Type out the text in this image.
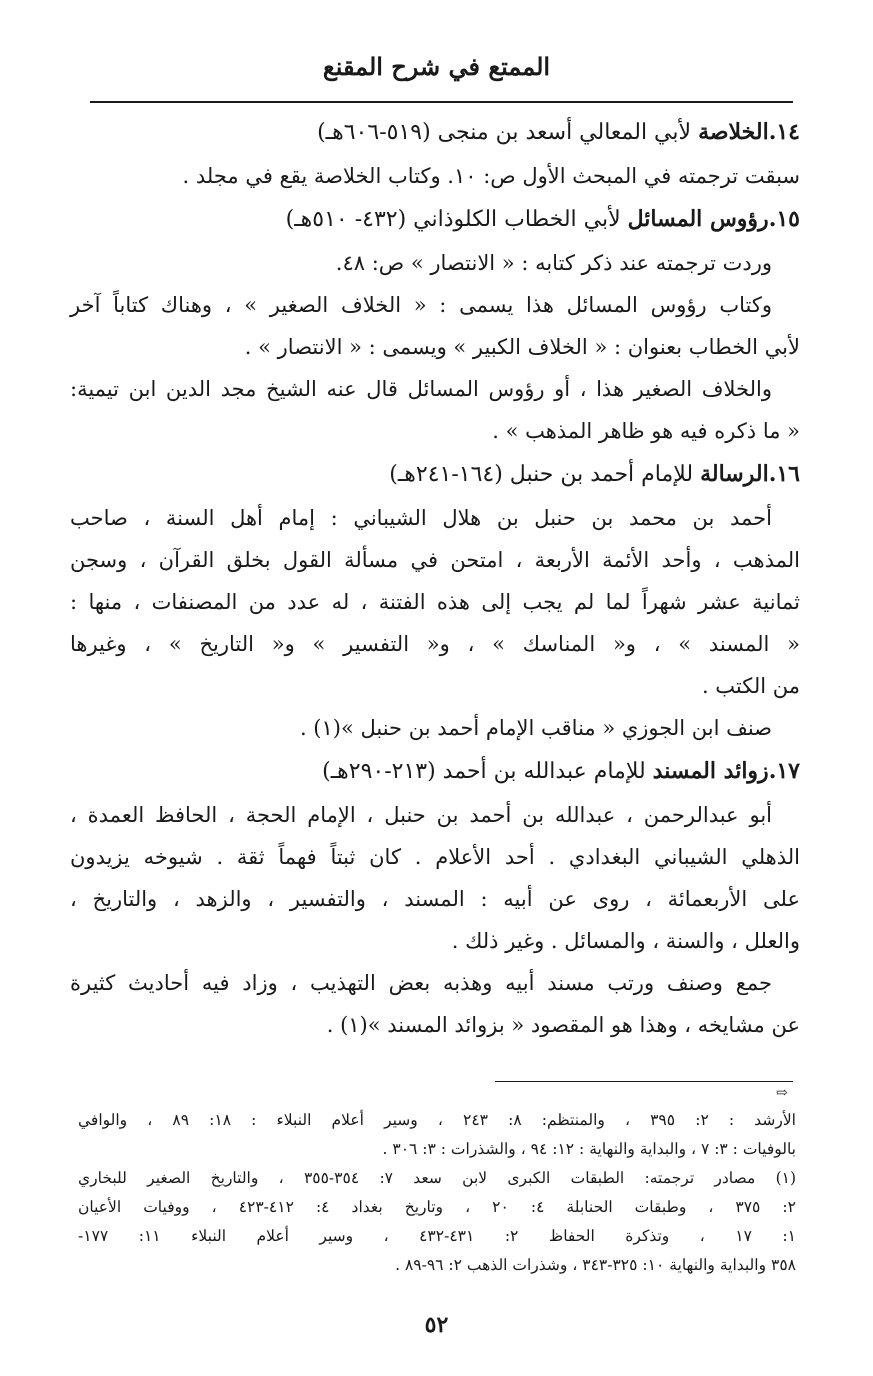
الممتع في شرح المقنع
١٤.الخلاصة لأبي المعالي أسعد بن منجى (٥١٩-٦٠٦هـ)
سبقت ترجمته في المبحث الأول ص: ١٠. وكتاب الخلاصة يقع في مجلد .
١٥.رؤوس المسائل لأبي الخطاب الكلوذاني (٤٣٢- ٥١٠هـ)
وردت ترجمته عند ذكر كتابه : « الانتصار » ص: ٤٨.
وكتاب رؤوس المسائل هذا يسمى : « الخلاف الصغير » ، وهناك كتاباً آخر
لأبي الخطاب بعنوان : « الخلاف الكبير » ويسمى : « الانتصار » .
والخلاف الصغير هذا ، أو رؤوس المسائل قال عنه الشيخ مجد الدين ابن تيمية:
« ما ذكره فيه هو ظاهر المذهب » .
١٦.الرسالة للإمام أحمد بن حنبل (١٦٤-٢٤١هـ)
أحمد بن محمد بن حنبل بن هلال الشيباني : إمام أهل السنة ، صاحب
المذهب ، وأحد الأئمة الأربعة ، امتحن في مسألة القول بخلق القرآن ، وسجن
ثمانية عشر شهراً لما لم يجب إلى هذه الفتنة ، له عدد من المصنفات ، منها :
« المسند » ، و« المناسك » ، و« التفسير » و« التاريخ » ، وغيرها
من الكتب .
صنف ابن الجوزي « مناقب الإمام أحمد بن حنبل »(١) .
١٧.زوائد المسند للإمام عبدالله بن أحمد (٢١٣-٢٩٠هـ)
أبو عبدالرحمن ، عبدالله بن أحمد بن حنبل ، الإمام الحجة ، الحافظ العمدة ،
الذهلي الشيباني البغدادي . أحد الأعلام . كان ثبتاً فهماً ثقة . شيوخه يزيدون
على الأربعمائة ، روى عن أبيه : المسند ، والتفسير ، والزهد ، والتاريخ ،
والعلل ، والسنة ، والمسائل . وغير ذلك .
جمع وصنف ورتب مسند أبيه وهذبه بعض التهذيب ، وزاد فيه أحاديث كثيرة
عن مشايخه ، وهذا هو المقصود « بزوائد المسند »(١) .
⇨
الأرشد : ٢: ٣٩٥ ، والمنتظم: ٨: ٢٤٣ ، وسير أعلام النبلاء : ١٨: ٨٩ ، والوافي
بالوفيات : ٣: ٧ ، والبداية والنهاية : ١٢: ٩٤ ، والشذرات : ٣: ٣٠٦ .
(١) مصادر ترجمته: الطبقات الكبرى لابن سعد ٧: ٣٥٤-٣٥٥ ، والتاريخ الصغير للبخاري
٢: ٣٧٥ ، وطبقات الحنابلة ٤: ٢٠ ، وتاريخ بغداد ٤: ٤١٢-٤٢٣ ، ووفيات الأعيان
١: ١٧ ، وتذكرة الحفاظ ٢: ٤٣١-٤٣٢ ، وسير أعلام النبلاء ١١: ١٧٧-
٣٥٨ والبداية والنهاية ١٠: ٣٢٥-٣٤٣ ، وشذرات الذهب ٢: ٩٦-٨٩ .
٥٢
